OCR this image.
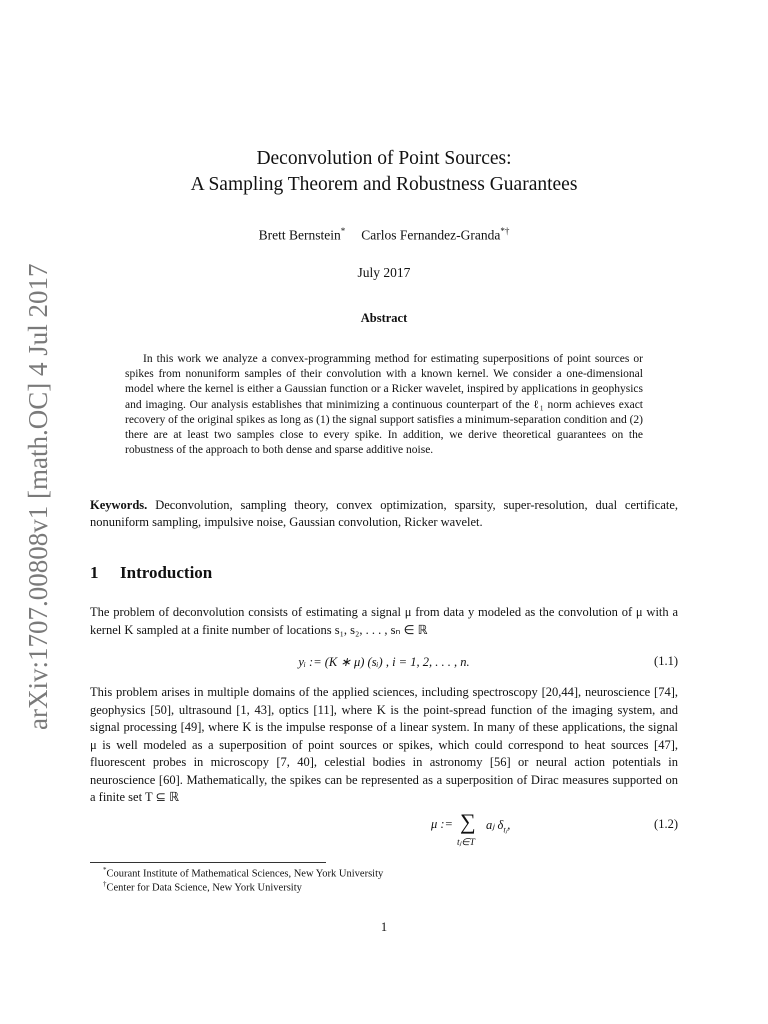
arXiv:1707.00808v1 [math.OC] 4 Jul 2017
Deconvolution of Point Sources:
A Sampling Theorem and Robustness Guarantees
Brett Bernstein* Carlos Fernandez-Granda*†
July 2017
Abstract
In this work we analyze a convex-programming method for estimating superpositions of point sources or spikes from nonuniform samples of their convolution with a known kernel. We consider a one-dimensional model where the kernel is either a Gaussian function or a Ricker wavelet, inspired by applications in geophysics and imaging. Our analysis establishes that minimizing a continuous counterpart of the ℓ₁ norm achieves exact recovery of the original spikes as long as (1) the signal support satisfies a minimum-separation condition and (2) there are at least two samples close to every spike. In addition, we derive theoretical guarantees on the robustness of the approach to both dense and sparse additive noise.
Keywords. Deconvolution, sampling theory, convex optimization, sparsity, super-resolution, dual certificate, nonuniform sampling, impulsive noise, Gaussian convolution, Ricker wavelet.
1 Introduction
The problem of deconvolution consists of estimating a signal μ from data y modeled as the convolution of μ with a kernel K sampled at a finite number of locations s₁, s₂, . . . , sₙ ∈ ℝ
yᵢ := (K ∗ μ) (sᵢ) , i = 1, 2, . . . , n.	(1.1)
This problem arises in multiple domains of the applied sciences, including spectroscopy [20,44], neuroscience [74], geophysics [50], ultrasound [1, 43], optics [11], where K is the point-spread function of the imaging system, and signal processing [49], where K is the impulse response of a linear system. In many of these applications, the signal μ is well modeled as a superposition of point sources or spikes, which could correspond to heat sources [47], fluorescent probes in microscopy [7, 40], celestial bodies in astronomy [56] or neural action potentials in neuroscience [60]. Mathematically, the spikes can be represented as a superposition of Dirac measures supported on a finite set T ⊆ ℝ
μ := ∑
tⱼ∈T
aⱼ $\delta_{tⱼ}$,	(1.2)
*Courant Institute of Mathematical Sciences, New York University
†Center for Data Science, New York University
1
